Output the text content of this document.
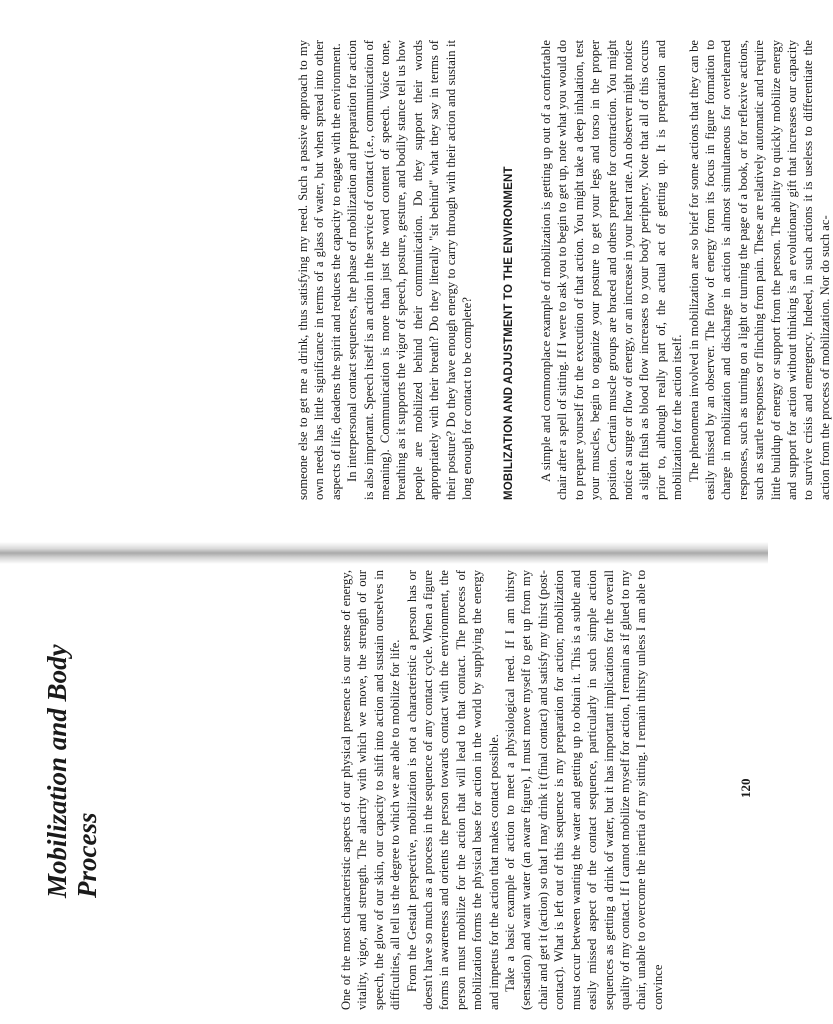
someone else to get me a drink, thus satisfying my need. Such a passive approach to my own needs has little significance in terms of a glass of water, but when spread into other aspects of life, deadens the spirit and reduces the capacity to engage with the environment. In interpersonal contact sequences, the phase of mobilization and preparation for action is also important. Speech itself is an action in the service of contact (i.e., communication of meaning). Communication is more than just the word content of speech. Voice tone, breathing as it supports the vigor of speech, posture, gesture, and bodily stance tell us how people are mobilized behind their communication. Do they support their words appropriately with their breath? Do they literally "sit behind" what they say in terms of their posture? Do they have enough energy to carry through with their action and sustain it long enough for contact to be complete?	MOBILIZATION AND ADJUSTMENT TO THE ENVIRONMENT A simple and commonplace example of mobilization is getting up out of a comfortable chair after a spell of sitting. If I were to ask you to begin to get up, note what you would do to prepare yourself for the execution of that action. You might take a deep inhalation, test your muscles, begin to organize your posture to get your legs and torso in the proper position. Certain muscle groups are braced and others prepare for contraction. You might notice a surge or flow of energy, or an increase in your heart rate. An observer might notice a slight flush as blood flow increases to your body periphery. Note that all of this occurs prior to, although really part of, the actual act of getting up. It is preparation and mobilization for the action itself. The phenomena involved in mobilization are so brief for some actions that they can be easily missed by an observer. The flow of energy from its focus in figure formation to charge in mobilization and discharge in action is almost simultaneous for overlearned responses, such as turning on a light or turning the page of a book, or for reflexive actions, such as startle responses or flinching from pain. These are relatively automatic and require little buildup of energy or support from the person. The ability to quickly mobilize energy and support for action without thinking is an evolutionary gift that increases our capacity to survive crisis and emergency. Indeed, in such actions it is useless to differentiate the action from the process of mobilization. Nor do such ac-

Mobilization and Body Process	One of the most characteristic aspects of our physical presence is our sense of energy, vitality, vigor, and strength. The alacrity with which we move, the strength of our speech, the glow of our skin, our capacity to shift into action and sustain ourselves in difficulties, all tell us the degree to which we are able to mobilize for life. From the Gestalt perspective, mobilization is not a characteristic a person has or doesn't have so much as a process in the sequence of any contact cycle. When a figure forms in awareness and orients the person towards contact with the environment, the person must mobilize for the action that will lead to that contact. The process of mobilization forms the physical base for action in the world by supplying the energy and impetus for the action that makes contact possible. Take a basic example of action to meet a physiological need. If I am thirsty (sensation) and want water (an aware figure), I must move myself to get up from my chair and get it (action) so that I may drink it (final contact) and satisfy my thirst (post-contact). What is left out of this sequence is my preparation for action; mobilization must occur between wanting the water and getting up to obtain it. This is a subtle and easily missed aspect of the contact sequence, particularly in such simple action sequences as getting a drink of water, but it has important implications for the overall quality of my contact. If I cannot mobilize myself for action, I remain as if glued to my chair, unable to overcome the inertia of my sitting. I remain thirsty unless I am able to convince

120
